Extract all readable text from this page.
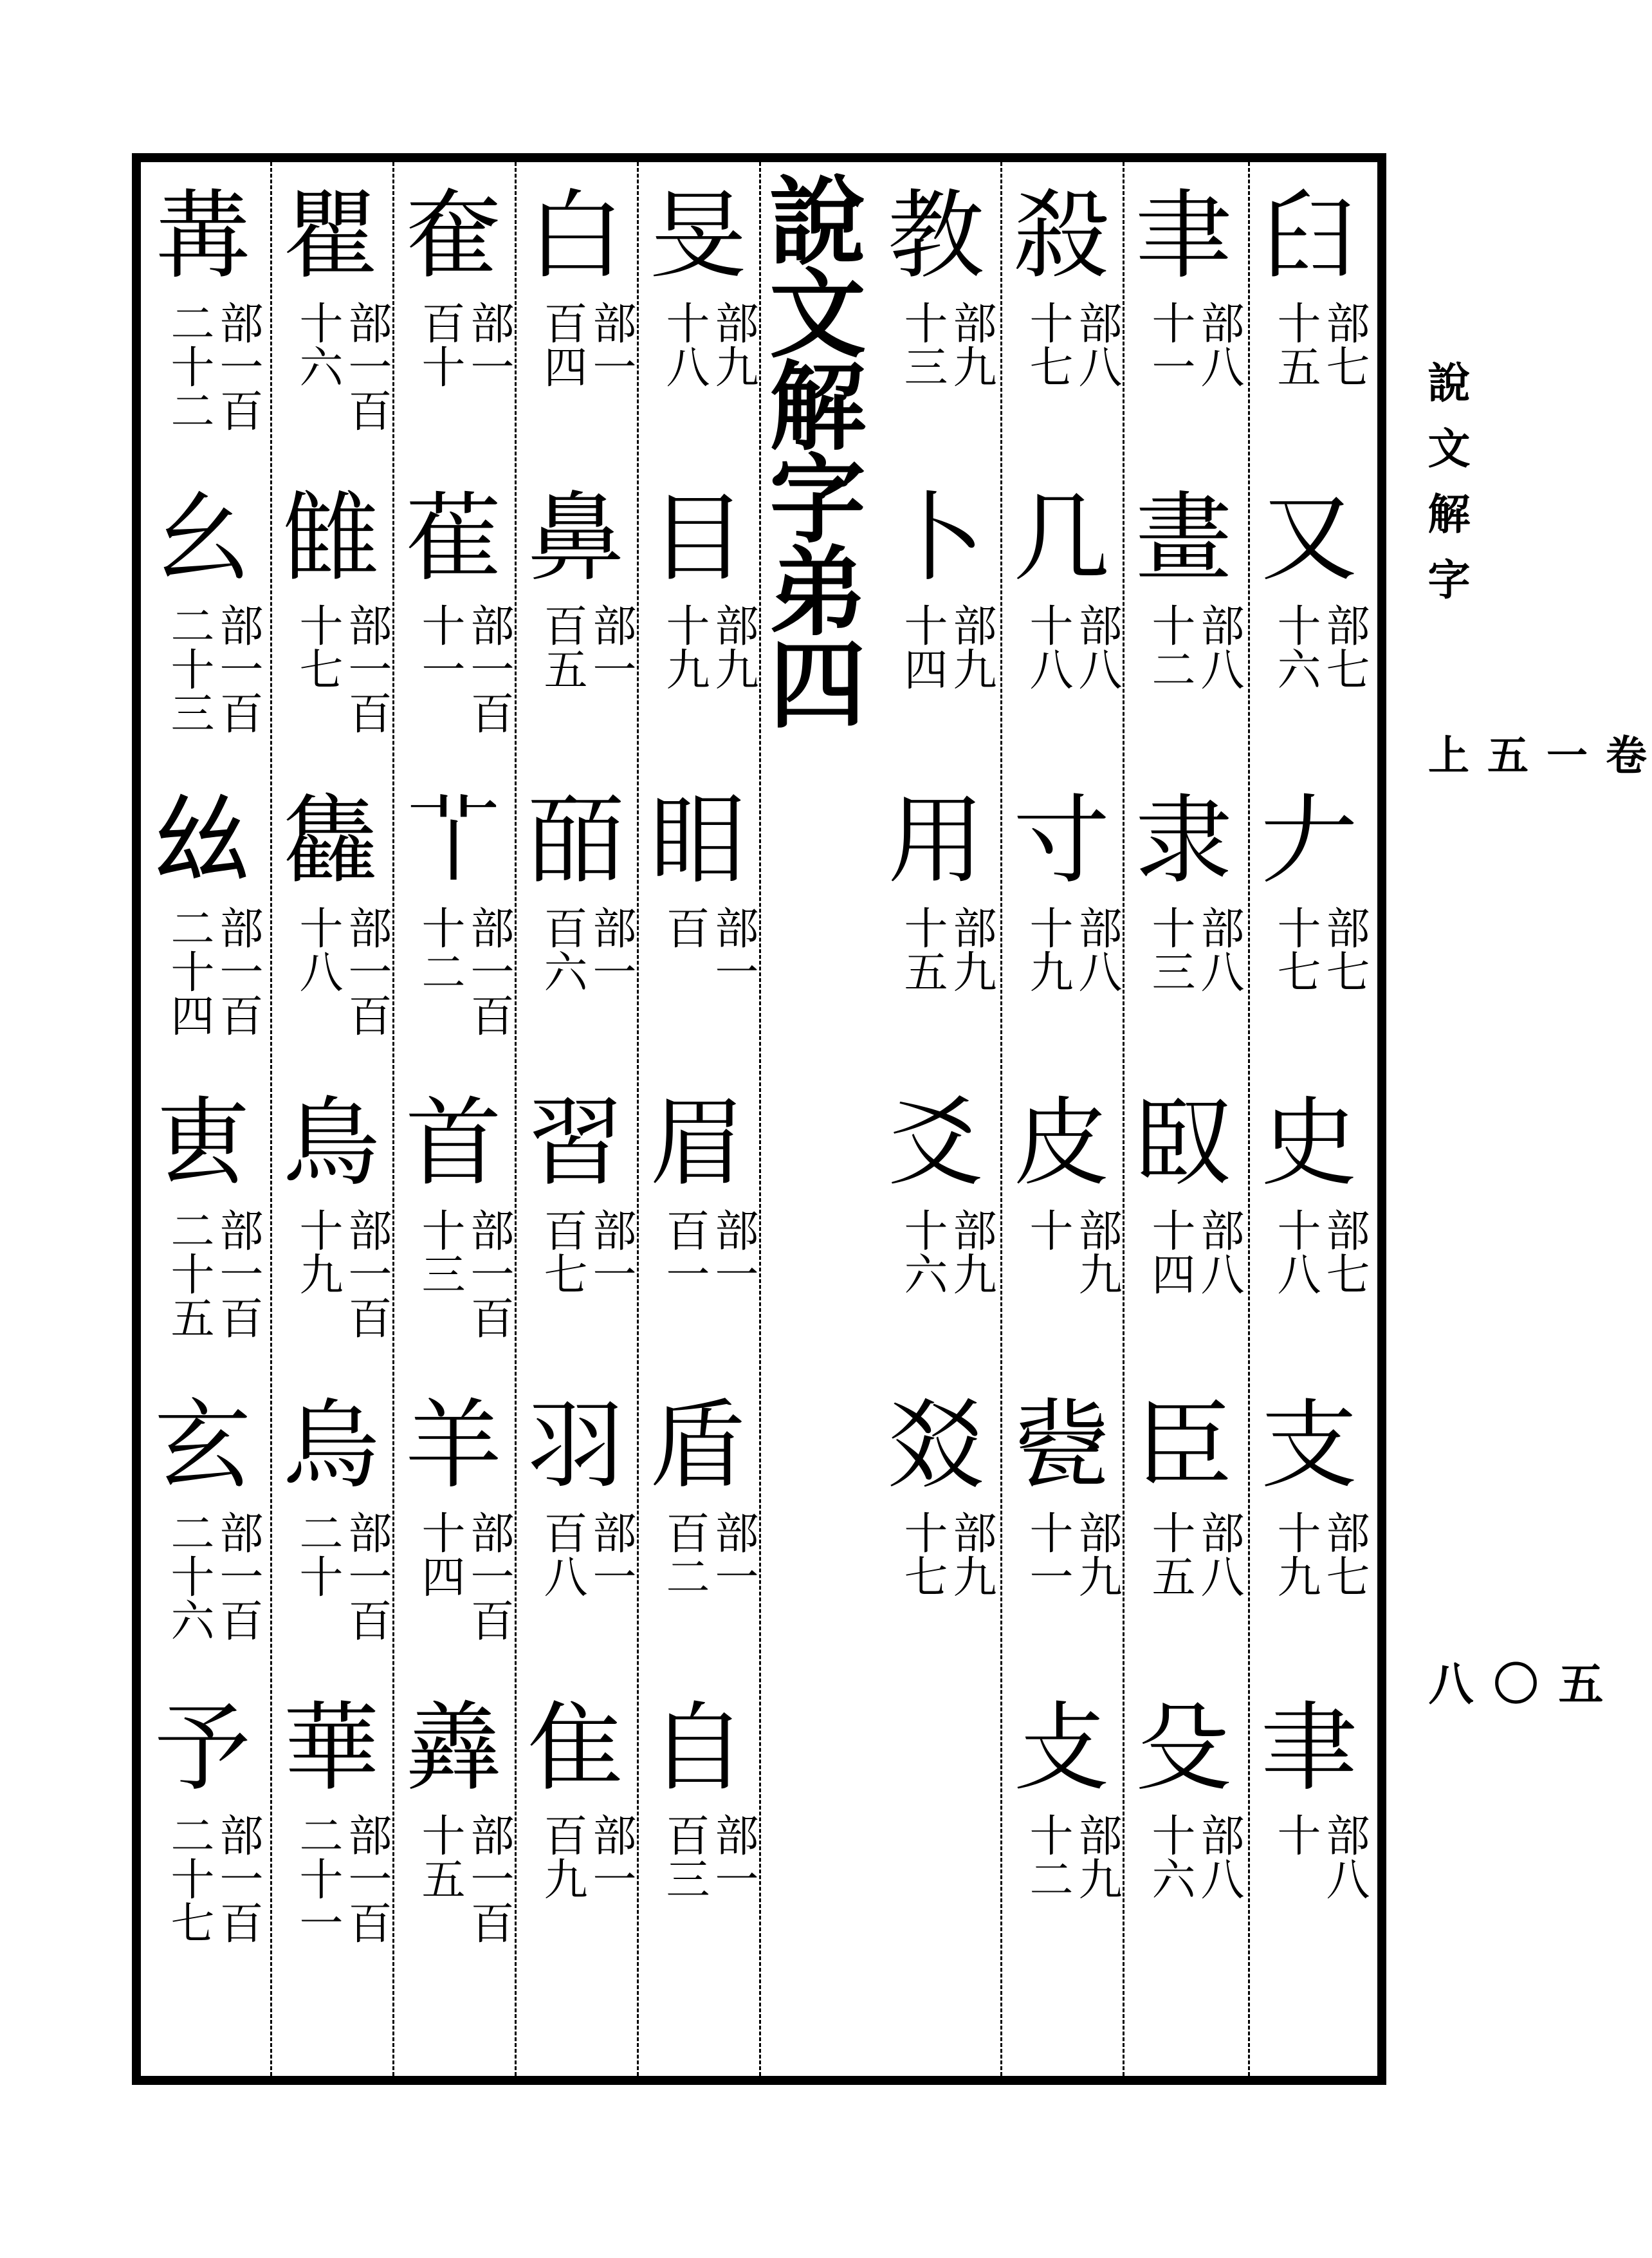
說文解字
卷一五上
五〇八
說文解字弟四	𦥑
部七
十五
又
部七
十六
𠂇
部七
十七
史
部七
十八
支
部七
十九
聿
部八
十
聿
部八
十一
畫
部八
十二
隶
部八
十三
臤
部八
十四
臣
部八
十五
殳
部八
十六
殺
部八
十七
几
部八
十八
寸
部八
十九
皮
部九
十
㼱
部九
十一
攴
部九
十二
教
部九
十三
卜
部九
十四
用
部九
十五
爻
部九
十六
㸚
部九
十七
旻
部九
十八
目
部九
十九
䀠
部一
百
眉
部一
百一
盾
部一
百二
自
部一
百三
白
部一
百四
鼻
部一
百五
皕
部一
百六
習
部一
百七
羽
部一
百八
隹
部一
百九
奞
部一
百十
萑
部一百
十一
𦫳
部一百
十二
首
部一百
十三
羊
部一百
十四
羴
部一百
十五
瞿
部一百
十六
雔
部一百
十七
雥
部一百
十八
鳥
部一百
十九
烏
部一百
二十
華
部一百
二十一
冓
部一百
二十二
幺
部一百
二十三
𢆶
部一百
二十四
叀
部一百
二十五
玄
部一百
二十六
予
部一百
二十七
